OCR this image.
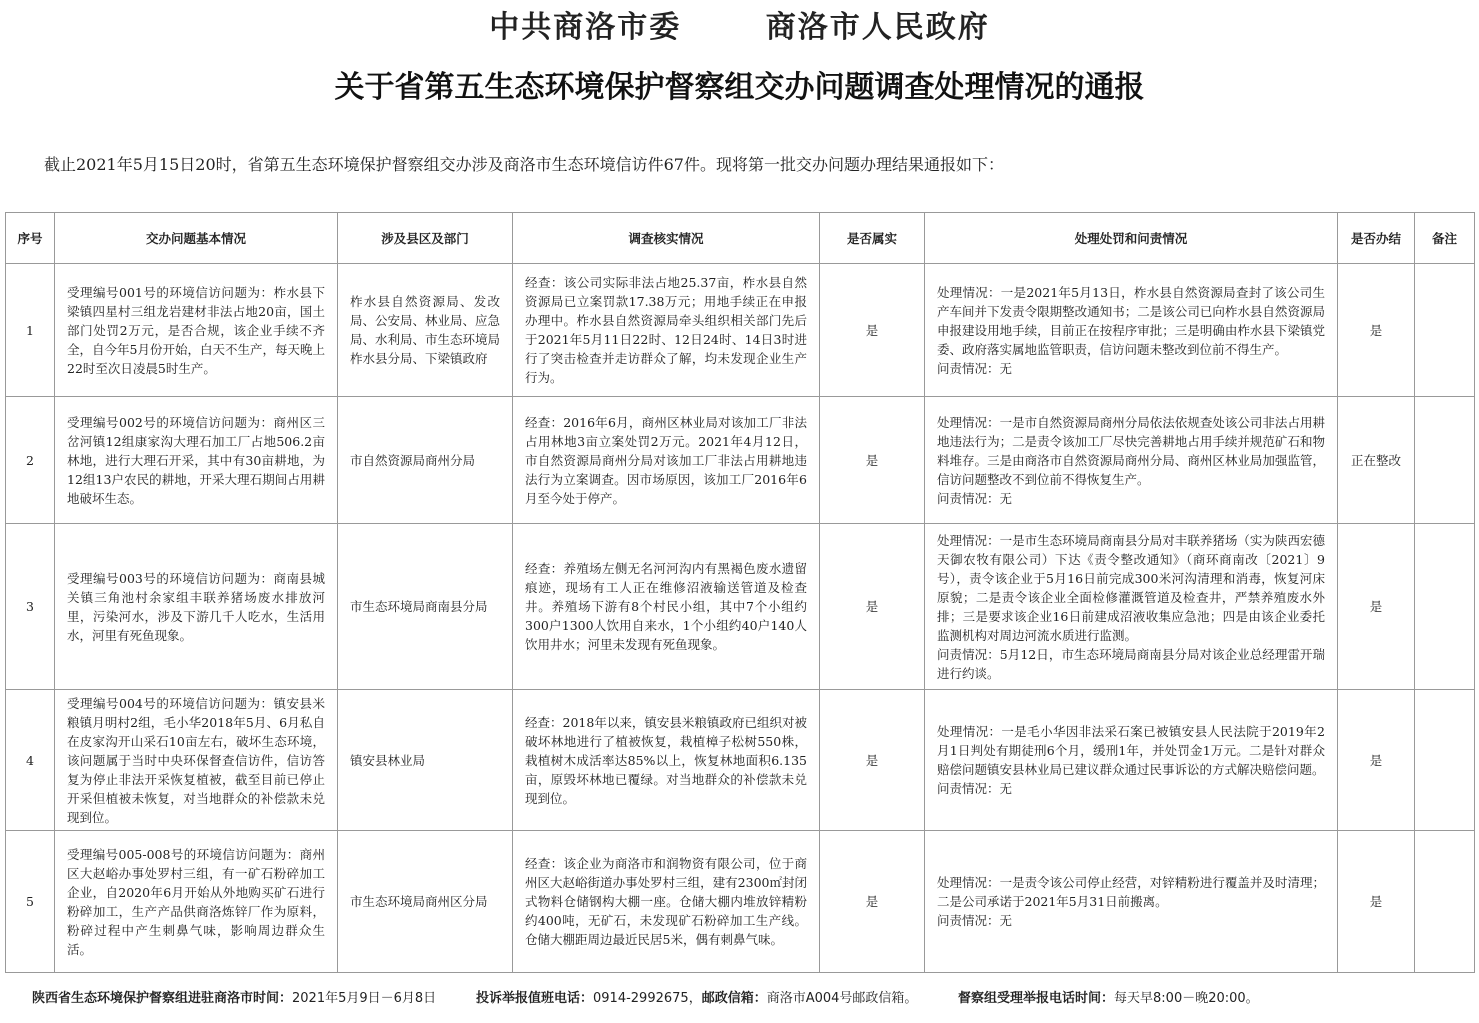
中共商洛市委	商洛市人民政府
关于省第五生态环境保护督察组交办问题调查处理情况的通报
截止2021年5月15日20时，省第五生态环境保护督察组交办涉及商洛市生态环境信访件67件。现将第一批交办问题办理结果通报如下：
序号	交办问题基本情况	涉及县区及部门	调查核实情况	是否属实	处理处罚和问责情况	是否办结	备注
1	受理编号001号的环境信访问题为：柞水县下梁镇四星村三组龙岩建材非法占地20亩，国土部门处罚2万元，是否合规，该企业手续不齐全，自今年5月份开始，白天不生产，每天晚上22时至次日凌晨5时生产。	柞水县自然资源局、发改局、公安局、林业局、应急局、水利局、市生态环境局柞水县分局、下梁镇政府	经查：该公司实际非法占地25.37亩，柞水县自然资源局已立案罚款17.38万元；用地手续正在申报办理中。柞水县自然资源局牵头组织相关部门先后于2021年5月11日22时、12日24时、14日3时进行了突击检查并走访群众了解，均未发现企业生产行为。	是	处理情况：一是2021年5月13日，柞水县自然资源局查封了该公司生产车间并下发责令限期整改通知书；二是该公司已向柞水县自然资源局申报建设用地手续，目前正在按程序审批；三是明确由柞水县下梁镇党委、政府落实属地监管职责，信访问题未整改到位前不得生产。
问责情况：无	是	
2	受理编号002号的环境信访问题为：商州区三岔河镇12组康家沟大理石加工厂占地506.2亩林地，进行大理石开采，其中有30亩耕地，为12组13户农民的耕地，开采大理石期间占用耕地破坏生态。	市自然资源局商州分局	经查：2016年6月，商州区林业局对该加工厂非法占用林地3亩立案处罚2万元。2021年4月12日，市自然资源局商州分局对该加工厂非法占用耕地违法行为立案调查。因市场原因，该加工厂2016年6月至今处于停产。	是	处理情况：一是市自然资源局商州分局依法依规查处该公司非法占用耕地违法行为；二是责令该加工厂尽快完善耕地占用手续并规范矿石和物料堆存。三是由商洛市自然资源局商州分局、商州区林业局加强监管，信访问题整改不到位前不得恢复生产。
问责情况：无	正在整改	
3	受理编号003号的环境信访问题为：商南县城关镇三角池村余家组丰联养猪场废水排放河里，污染河水，涉及下游几千人吃水，生活用水，河里有死鱼现象。	市生态环境局商南县分局	经查：养殖场左侧无名河河沟内有黑褐色废水遗留痕迹，现场有工人正在维修沼液输送管道及检查井。养殖场下游有8个村民小组，其中7个小组约300户1300人饮用自来水，1个小组约40户140人饮用井水；河里未发现有死鱼现象。	是	处理情况：一是市生态环境局商南县分局对丰联养猪场（实为陕西宏德天御农牧有限公司）下达《责令整改通知》（商环商南改〔2021〕9号），责令该企业于5月16日前完成300米河沟清理和消毒，恢复河床原貌；二是责令该企业全面检修灌溉管道及检查井，严禁养殖废水外排；三是要求该企业16日前建成沼液收集应急池；四是由该企业委托监测机构对周边河流水质进行监测。
问责情况：5月12日，市生态环境局商南县分局对该企业总经理雷开瑞进行约谈。	是	
4	受理编号004号的环境信访问题为：镇安县米粮镇月明村2组，毛小华2018年5月、6月私自在皮家沟开山采石10亩左右，破坏生态环境，该问题属于当时中央环保督查信访件，信访答复为停止非法开采恢复植被，截至目前已停止开采但植被未恢复，对当地群众的补偿款未兑现到位。	镇安县林业局	经查：2018年以来，镇安县米粮镇政府已组织对被破坏林地进行了植被恢复，栽植樟子松树550株，栽植树木成活率达85%以上，恢复林地面积6.135亩，原毁坏林地已覆绿。对当地群众的补偿款未兑现到位。	是	处理情况：一是毛小华因非法采石案已被镇安县人民法院于2019年2月1日判处有期徒刑6个月，缓刑1年，并处罚金1万元。二是针对群众赔偿问题镇安县林业局已建议群众通过民事诉讼的方式解决赔偿问题。
问责情况：无	是	
5	受理编号005-008号的环境信访问题为：商州区大赵峪办事处罗村三组，有一矿石粉碎加工企业，自2020年6月开始从外地购买矿石进行粉碎加工，生产产品供商洛炼锌厂作为原料，粉碎过程中产生刺鼻气味，影响周边群众生活。	市生态环境局商州区分局	经查：该企业为商洛市和润物资有限公司，位于商州区大赵峪街道办事处罗村三组，建有2300㎡封闭式物料仓储钢构大棚一座。仓储大棚内堆放锌精粉约400吨，无矿石，未发现矿石粉碎加工生产线。仓储大棚距周边最近民居5米，偶有刺鼻气味。	是	处理情况：一是责令该公司停止经营，对锌精粉进行覆盖并及时清理；二是公司承诺于2021年5月31日前搬离。
问责情况：无	是	
陕西省生态环境保护督察组进驻商洛市时间：2021年5月9日－6月8日	投诉举报值班电话：0914-2992675，邮政信箱：商洛市A004号邮政信箱。	督察组受理举报电话时间：每天早8:00－晚20:00。
